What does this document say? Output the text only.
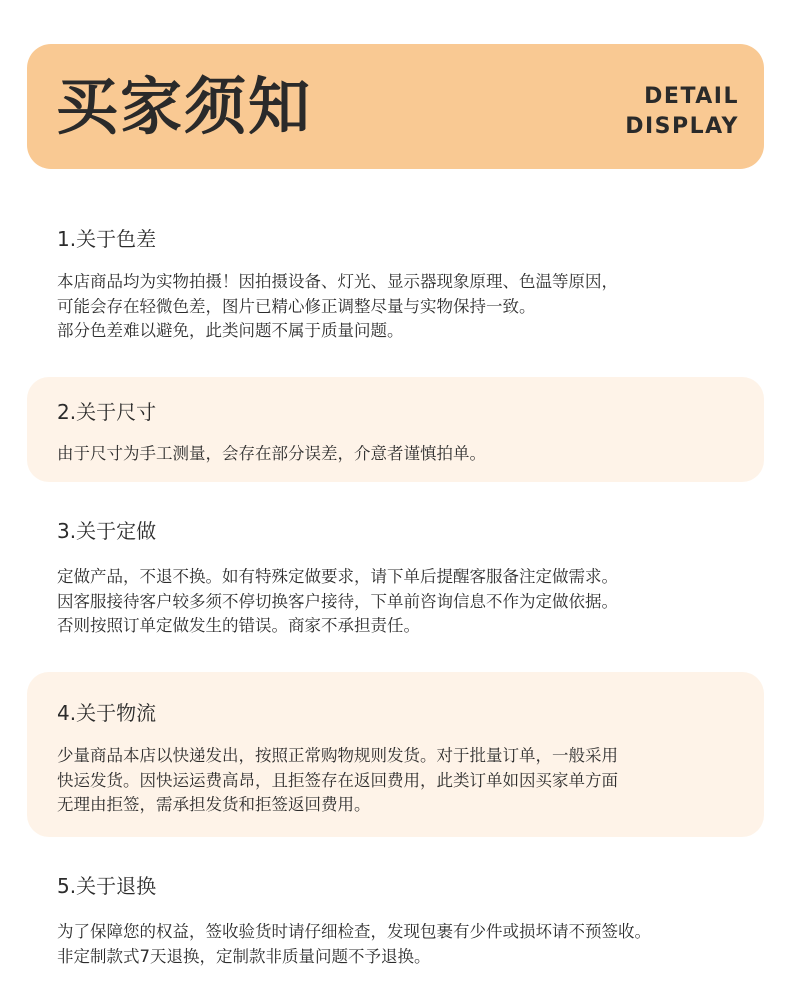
买家须知	DETAIL
DISPLAY
1.关于色差
本店商品均为实物拍摄！因拍摄设备、灯光、显示器现象原理、色温等原因，
可能会存在轻微色差，图片已精心修正调整尽量与实物保持一致。
部分色差难以避免，此类问题不属于质量问题。
2.关于尺寸
由于尺寸为手工测量，会存在部分误差，介意者谨慎拍单。
3.关于定做
定做产品，不退不换。如有特殊定做要求，请下单后提醒客服备注定做需求。
因客服接待客户较多须不停切换客户接待，下单前咨询信息不作为定做依据。
否则按照订单定做发生的错误。商家不承担责任。
4.关于物流
少量商品本店以快递发出，按照正常购物规则发货。对于批量订单，一般采用
快运发货。因快运运费高昂，且拒签存在返回费用，此类订单如因买家单方面
无理由拒签，需承担发货和拒签返回费用。
5.关于退换
为了保障您的权益，签收验货时请仔细检查，发现包裹有少件或损坏请不预签收。
非定制款式7天退换，定制款非质量问题不予退换。
